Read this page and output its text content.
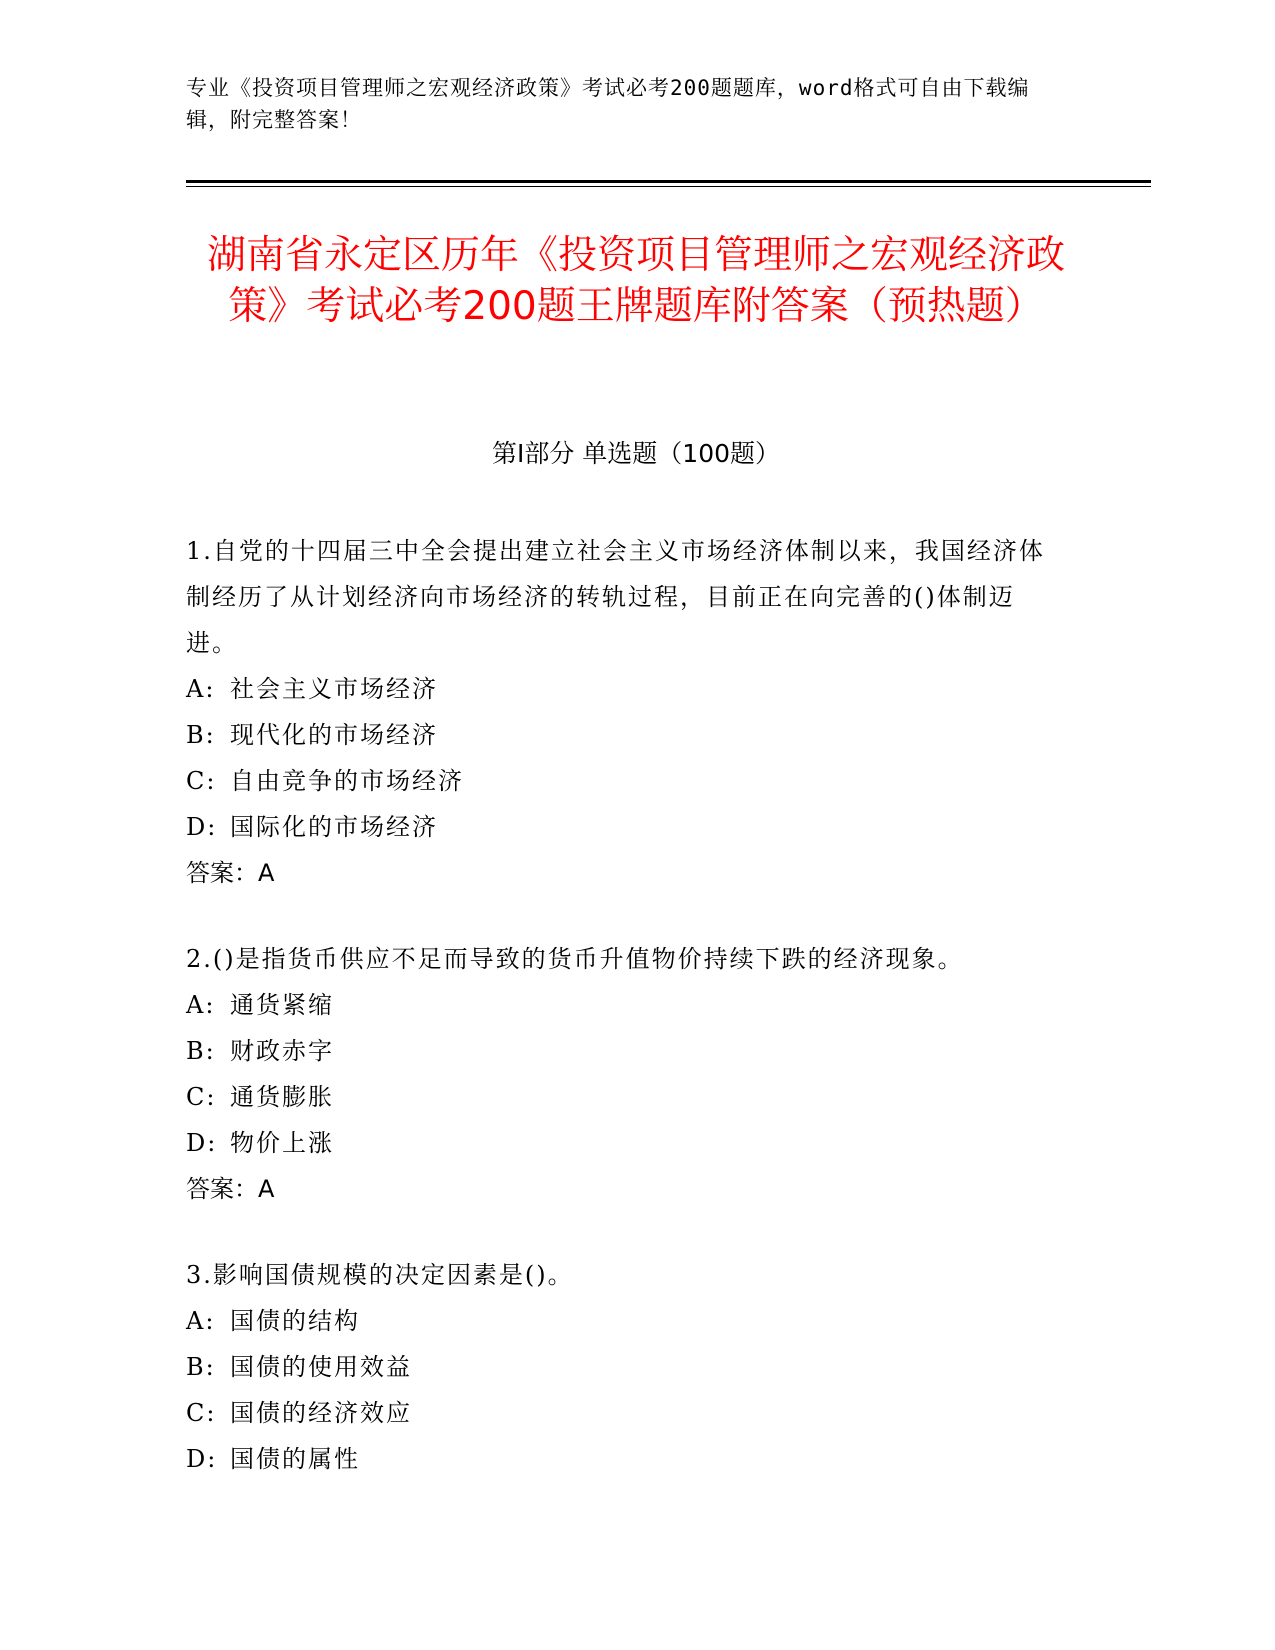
专业《投资项目管理师之宏观经济政策》考试必考200题题库，word格式可自由下载编辑，附完整答案！
湖南省永定区历年《投资项目管理师之宏观经济政策》考试必考200题王牌题库附答案（预热题）
第I部分 单选题（100题）
1.自党的十四届三中全会提出建立社会主义市场经济体制以来，我国经济体制经历了从计划经济向市场经济的转轨过程，目前正在向完善的()体制迈进。
A: 社会主义市场经济
B: 现代化的市场经济
C: 自由竞争的市场经济
D: 国际化的市场经济
答案：A
2.()是指货币供应不足而导致的货币升值物价持续下跌的经济现象。
A: 通货紧缩
B: 财政赤字
C: 通货膨胀
D: 物价上涨
答案：A
3.影响国债规模的决定因素是()。
A: 国债的结构
B: 国债的使用效益
C: 国债的经济效应
D: 国债的属性
